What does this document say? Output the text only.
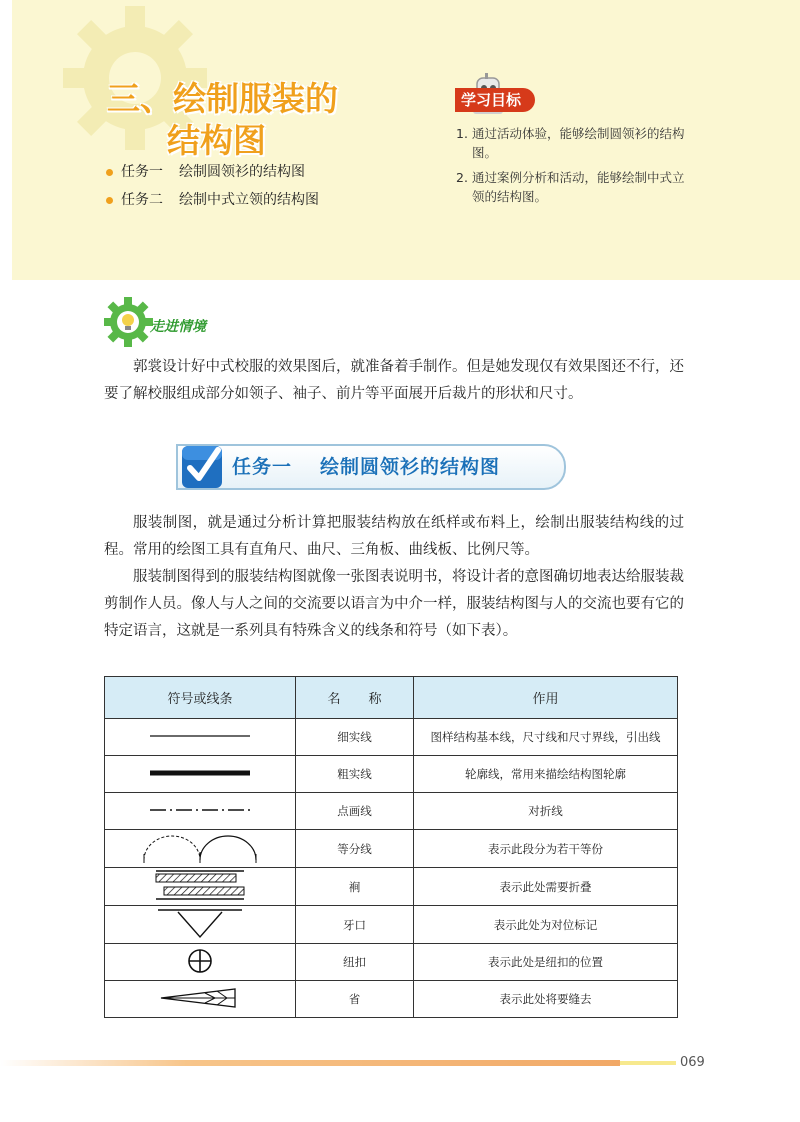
三、绘制服装的
结构图
任务一 绘制圆领衫的结构图
任务二 绘制中式立领的结构图
学习目标
1. 通过活动体验，能够绘制圆领衫的结构图。
2. 通过案例分析和活动，能够绘制中式立领的结构图。
走进情境

郭裳设计好中式校服的效果图后，就准备着手制作。但是她发现仅有效果图还不行，还要了解校服组成部分如领子、袖子、前片等平面展开后裁片的形状和尺寸。

任务一 绘制圆领衫的结构图

服装制图，就是通过分析计算把服装结构放在纸样或布料上，绘制出服装结构线的过程。常用的绘图工具有直角尺、曲尺、三角板、曲线板、比例尺等。

服装制图得到的服装结构图就像一张图表说明书，将设计者的意图确切地表达给服装裁剪制作人员。像人与人之间的交流要以语言为中介一样，服装结构图与人的交流也要有它的特定语言，这就是一系列具有特殊含义的线条和符号（如下表）。

符号或线条	名 称	作用
	细实线	图样结构基本线，尺寸线和尺寸界线，引出线
	粗实线	轮廓线，常用来描绘结构图轮廓
	点画线	对折线
	等分线	表示此段分为若干等份
	裥	表示此处需要折叠
	牙口	表示此处为对位标记
	纽扣	表示此处是纽扣的位置
	省	表示此处将要缝去
069
